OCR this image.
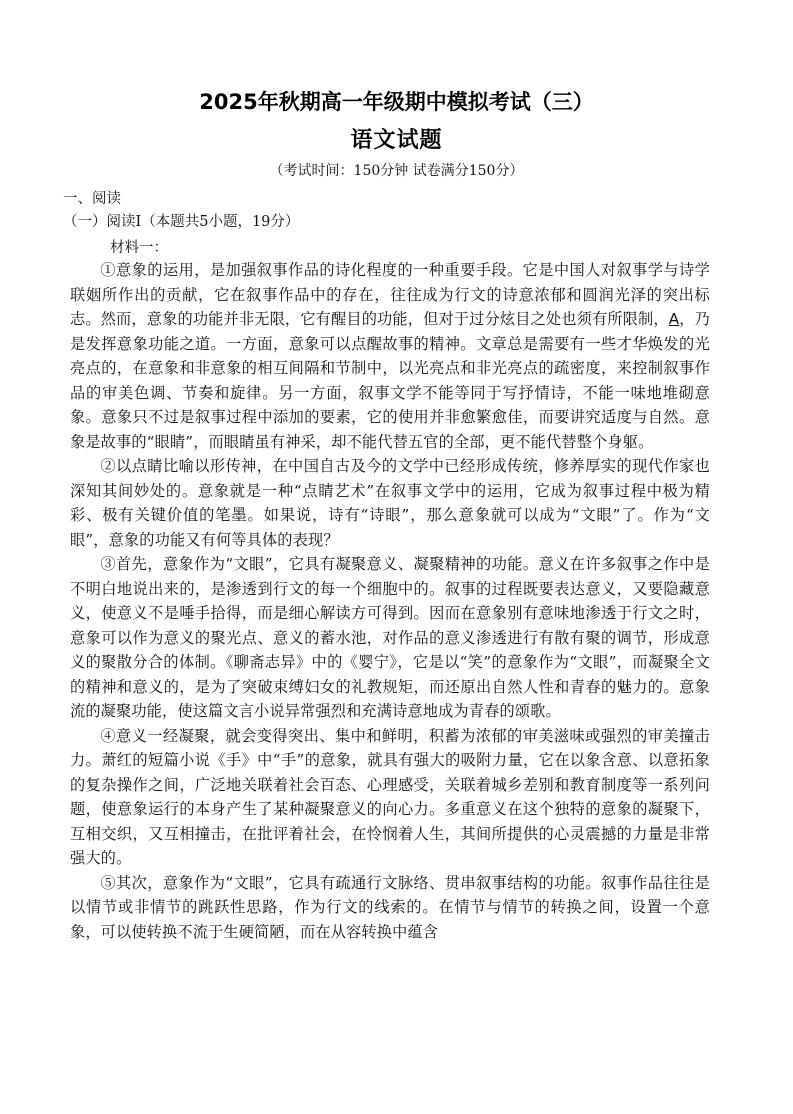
2025年秋期高一年级期中模拟考试（三）
语文试题
（考试时间：150分钟 试卷满分150分）
一、阅读
（一）阅读Ⅰ（本题共5小题，19分）
材料一：

①意象的运用，是加强叙事作品的诗化程度的一种重要手段。它是中国人对叙事学与诗学联姻所作出的贡献，它在叙事作品中的存在，往往成为行文的诗意浓郁和圆润光泽的突出标志。然而，意象的功能并非无限，它有醒目的功能，但对于过分炫目之处也须有所限制，A，乃是发挥意象功能之道。一方面，意象可以点醒故事的精神。文章总是需要有一些才华焕发的光亮点的，在意象和非意象的相互间隔和节制中，以光亮点和非光亮点的疏密度，来控制叙事作品的审美色调、节奏和旋律。另一方面，叙事文学不能等同于写抒情诗，不能一味地堆砌意象。意象只不过是叙事过程中添加的要素，它的使用并非愈繁愈佳，而要讲究适度与自然。意象是故事的“眼睛”，而眼睛虽有神采，却不能代替五官的全部，更不能代替整个身躯。

②以点睛比喻以形传神，在中国自古及今的文学中已经形成传统，修养厚实的现代作家也深知其间妙处的。意象就是一种“点睛艺术”在叙事文学中的运用，它成为叙事过程中极为精彩、极有关键价值的笔墨。如果说，诗有“诗眼”，那么意象就可以成为“文眼”了。作为“文眼”，意象的功能又有何等具体的表现？

③首先，意象作为“文眼”，它具有凝聚意义、凝聚精神的功能。意义在许多叙事之作中是不明白地说出来的，是渗透到行文的每一个细胞中的。叙事的过程既要表达意义，又要隐藏意义，使意义不是唾手拾得，而是细心解读方可得到。因而在意象别有意味地渗透于行文之时，意象可以作为意义的聚光点、意义的蓄水池，对作品的意义渗透进行有散有聚的调节，形成意义的聚散分合的体制。《聊斋志异》中的《婴宁》，它是以“笑”的意象作为“文眼”，而凝聚全文的精神和意义的，是为了突破束缚妇女的礼教规矩，而还原出自然人性和青春的魅力的。意象流的凝聚功能，使这篇文言小说异常强烈和充满诗意地成为青春的颂歌。

④意义一经凝聚，就会变得突出、集中和鲜明，积蓄为浓郁的审美滋味或强烈的审美撞击力。萧红的短篇小说《手》中“手”的意象，就具有强大的吸附力量，它在以象含意、以意拓象的复杂操作之间，广泛地关联着社会百态、心理感受，关联着城乡差别和教育制度等一系列问题，使意象运行的本身产生了某种凝聚意义的向心力。多重意义在这个独特的意象的凝聚下，互相交织，又互相撞击，在批评着社会，在怜悯着人生，其间所提供的心灵震撼的力量是非常强大的。

⑤其次，意象作为“文眼”，它具有疏通行文脉络、贯串叙事结构的功能。叙事作品往往是以情节或非情节的跳跃性思路，作为行文的线索的。在情节与情节的转换之间，设置一个意象，可以使转换不流于生硬简陋，而在从容转换中蕴含
